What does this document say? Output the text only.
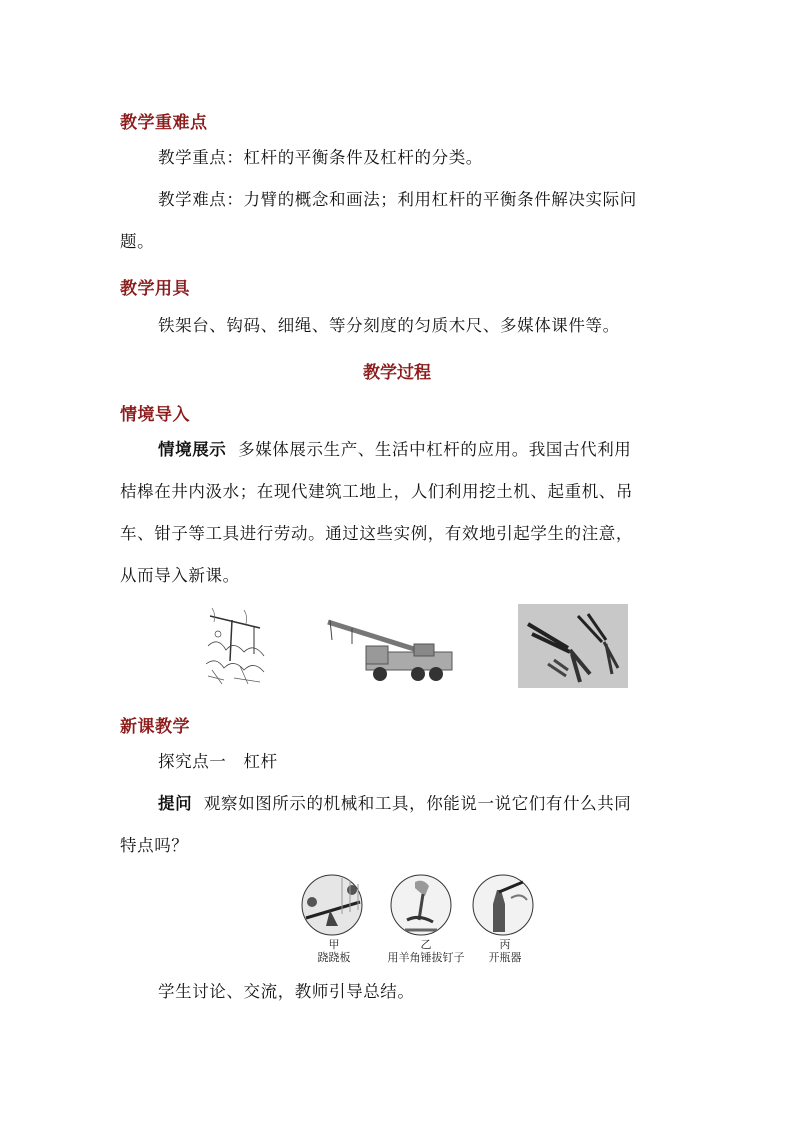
教学重难点
教学重点：杠杆的平衡条件及杠杆的分类。
教学难点：力臂的概念和画法；利用杠杆的平衡条件解决实际问
题。
教学用具
铁架台、钩码、细绳、等分刻度的匀质木尺、多媒体课件等。
教学过程
情境导入
情境展示 多媒体展示生产、生活中杠杆的应用。我国古代利用
桔槔在井内汲水；在现代建筑工地上，人们利用挖土机、起重机、吊
车、钳子等工具进行劳动。通过这些实例，有效地引起学生的注意，
从而导入新课。
新课教学
探究点一　杠杆
提问 观察如图所示的机械和工具，你能说一说它们有什么共同
特点吗？
甲
跷跷板
乙
用羊角锤拔钉子
丙
开瓶器
学生讨论、交流，教师引导总结。
